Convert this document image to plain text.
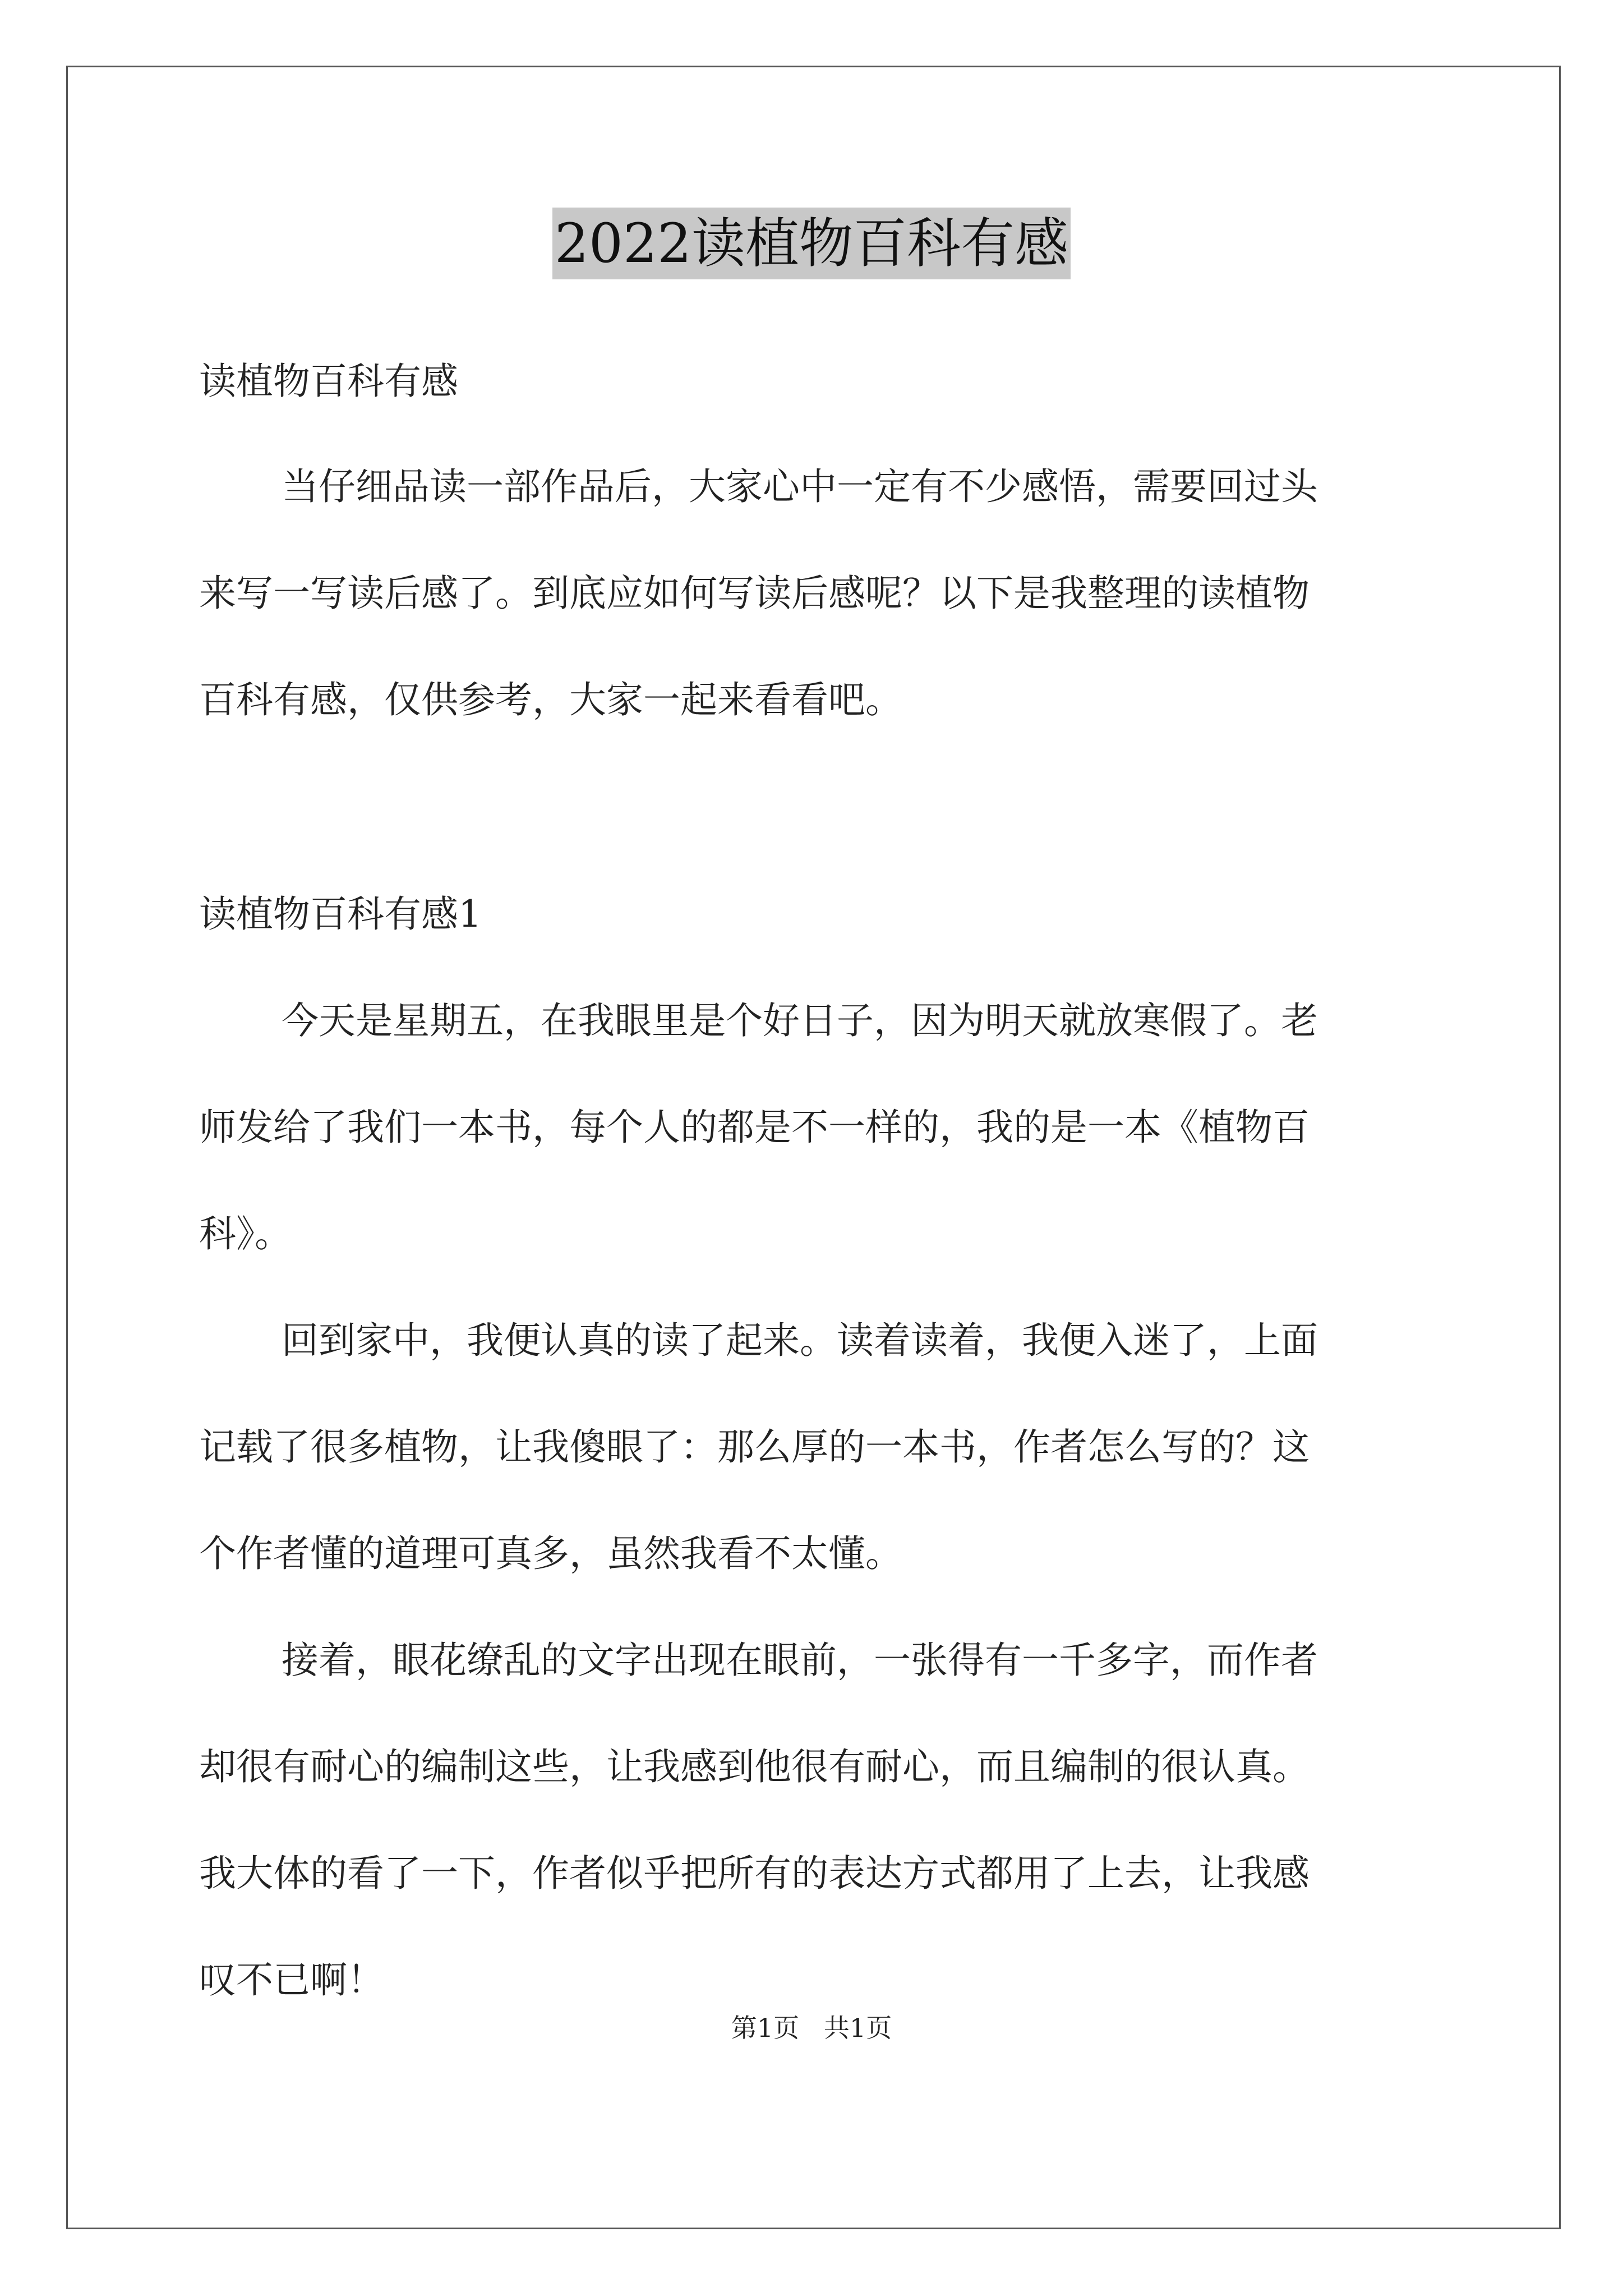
2022读植物百科有感
读植物百科有感
当仔细品读一部作品后，大家心中一定有不少感悟，需要回过头
来写一写读后感了。到底应如何写读后感呢？以下是我整理的读植物
百科有感，仅供参考，大家一起来看看吧。
读植物百科有感1
今天是星期五，在我眼里是个好日子，因为明天就放寒假了。老
师发给了我们一本书，每个人的都是不一样的，我的是一本《植物百
科》。
回到家中，我便认真的读了起来。读着读着，我便入迷了，上面
记载了很多植物，让我傻眼了：那么厚的一本书，作者怎么写的？这
个作者懂的道理可真多，虽然我看不太懂。
接着，眼花缭乱的文字出现在眼前，一张得有一千多字，而作者
却很有耐心的编制这些，让我感到他很有耐心，而且编制的很认真。
我大体的看了一下，作者似乎把所有的表达方式都用了上去，让我感
叹不已啊！
第1页   共1页
